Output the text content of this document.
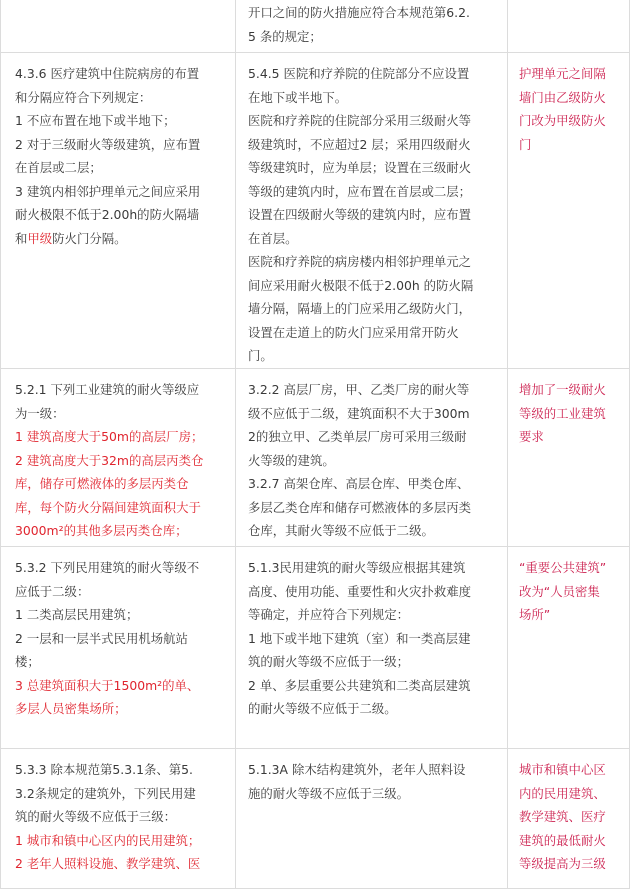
开口之间的防火措施应符合本规范第6.2.
5 条的规定；
4.3.6 医疗建筑中住院病房的布置
和分隔应符合下列规定：
1 不应布置在地下或半地下；
2 对于三级耐火等级建筑，应布置
在首层或二层；
3 建筑内相邻护理单元之间应采用
耐火极限不低于2.00h的防火隔墙
和甲级防火门分隔。
5.4.5 医院和疗养院的住院部分不应设置
在地下或半地下。
医院和疗养院的住院部分采用三级耐火等
级建筑时，不应超过2 层；采用四级耐火
等级建筑时，应为单层；设置在三级耐火
等级的建筑内时，应布置在首层或二层；
设置在四级耐火等级的建筑内时，应布置
在首层。
医院和疗养院的病房楼内相邻护理单元之
间应采用耐火极限不低于2.00h 的防火隔
墙分隔，隔墙上的门应采用乙级防火门，
设置在走道上的防火门应采用常开防火
门。
护理单元之间隔
墙门由乙级防火
门改为甲级防火
门
5.2.1 下列工业建筑的耐火等级应
为一级：
1 建筑高度大于50m的高层厂房；
2 建筑高度大于32m的高层丙类仓
库，储存可燃液体的多层丙类仓
库，每个防火分隔间建筑面积大于
3000m²的其他多层丙类仓库；
3.2.2 高层厂房，甲、乙类厂房的耐火等
级不应低于二级，建筑面积不大于300m
2的独立甲、乙类单层厂房可采用三级耐
火等级的建筑。
3.2.7 高架仓库、高层仓库、甲类仓库、
多层乙类仓库和储存可燃液体的多层丙类
仓库，其耐火等级不应低于二级。
增加了一级耐火
等级的工业建筑
要求
5.3.2 下列民用建筑的耐火等级不
应低于二级：
1 二类高层民用建筑；
2 一层和一层半式民用机场航站
楼；
3 总建筑面积大于1500m²的单、
多层人员密集场所；
5.1.3民用建筑的耐火等级应根据其建筑
高度、使用功能、重要性和火灾扑救难度
等确定，并应符合下列规定：
1 地下或半地下建筑（室）和一类高层建
筑的耐火等级不应低于一级；
2 单、多层重要公共建筑和二类高层建筑
的耐火等级不应低于二级。
“重要公共建筑”
改为“人员密集
场所”
5.3.3 除本规范第5.3.1条、第5.
3.2条规定的建筑外，下列民用建
筑的耐火等级不应低于三级：
1 城市和镇中心区内的民用建筑；
2 老年人照料设施、教学建筑、医
5.1.3A 除木结构建筑外，老年人照料设
施的耐火等级不应低于三级。
城市和镇中心区
内的民用建筑、
教学建筑、医疗
建筑的最低耐火
等级提高为三级
